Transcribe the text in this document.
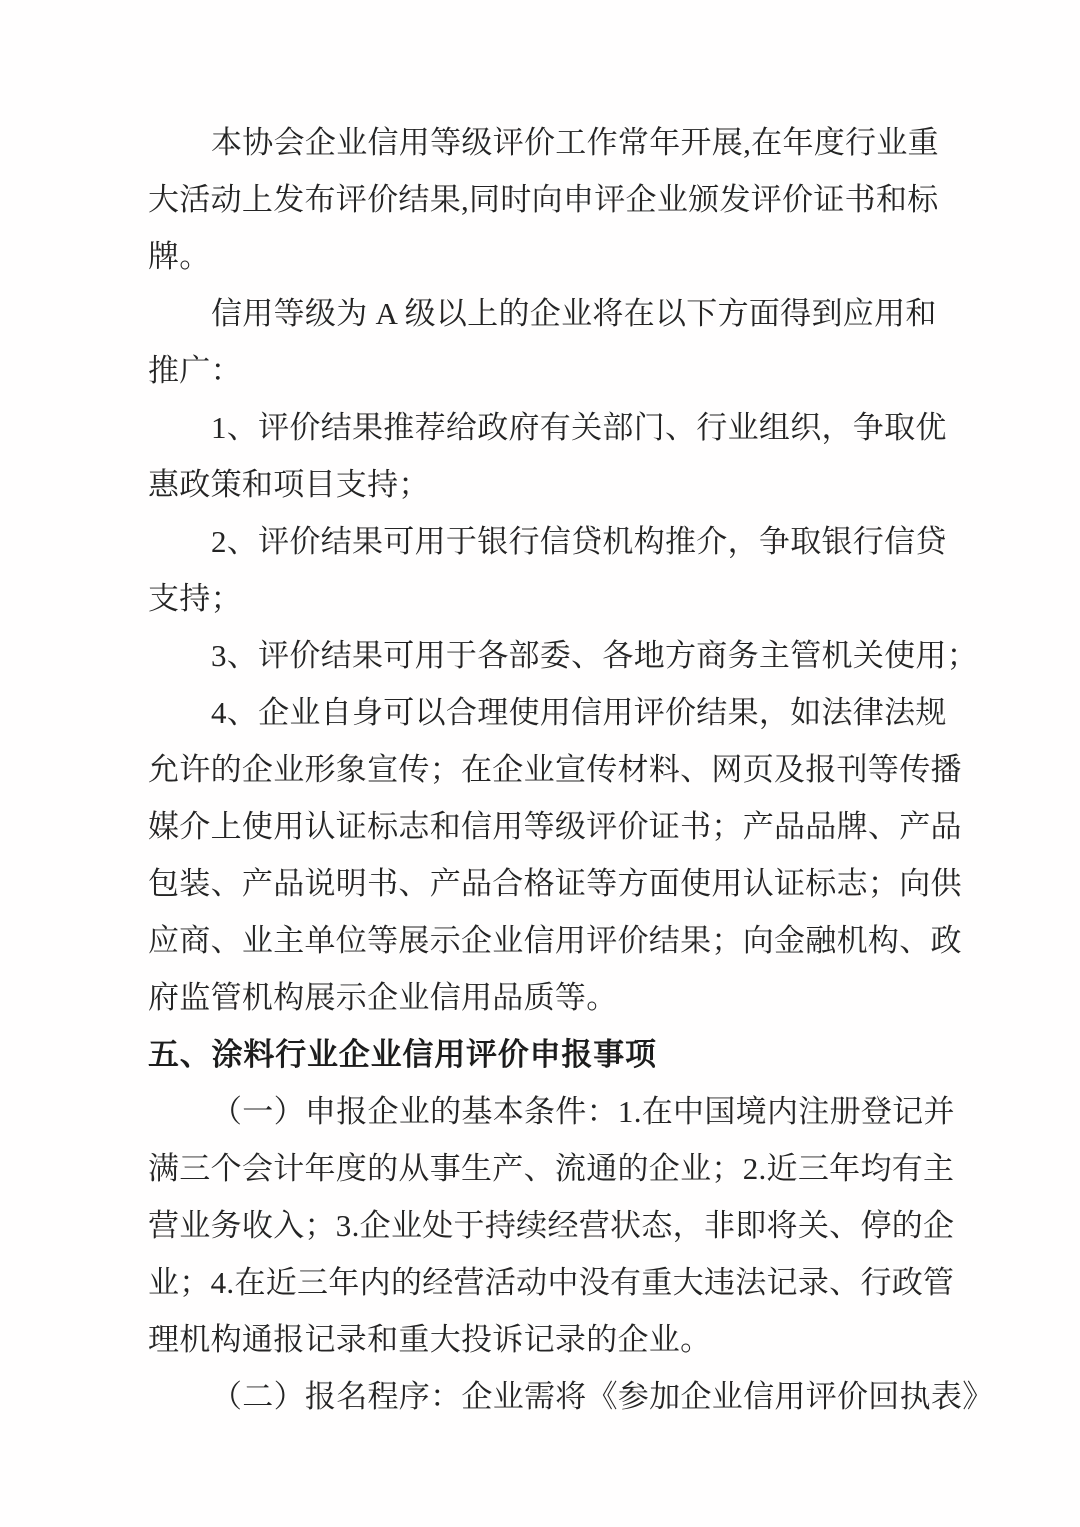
本协会企业信用等级评价工作常年开展,在年度行业重
大活动上发布评价结果,同时向申评企业颁发评价证书和标
牌。
信用等级为 A 级以上的企业将在以下方面得到应用和
推广：
1、评价结果推荐给政府有关部门、行业组织，争取优
惠政策和项目支持；
2、评价结果可用于银行信贷机构推介，争取银行信贷
支持；
3、评价结果可用于各部委、各地方商务主管机关使用；
4、企业自身可以合理使用信用评价结果，如法律法规
允许的企业形象宣传；在企业宣传材料、网页及报刊等传播
媒介上使用认证标志和信用等级评价证书；产品品牌、产品
包装、产品说明书、产品合格证等方面使用认证标志；向供
应商、业主单位等展示企业信用评价结果；向金融机构、政
府监管机构展示企业信用品质等。
五、涂料行业企业信用评价申报事项
（一）申报企业的基本条件：1.在中国境内注册登记并
满三个会计年度的从事生产、流通的企业；2.近三年均有主
营业务收入；3.企业处于持续经营状态，非即将关、停的企
业；4.在近三年内的经营活动中没有重大违法记录、行政管
理机构通报记录和重大投诉记录的企业。
（二）报名程序：企业需将《参加企业信用评价回执表》
